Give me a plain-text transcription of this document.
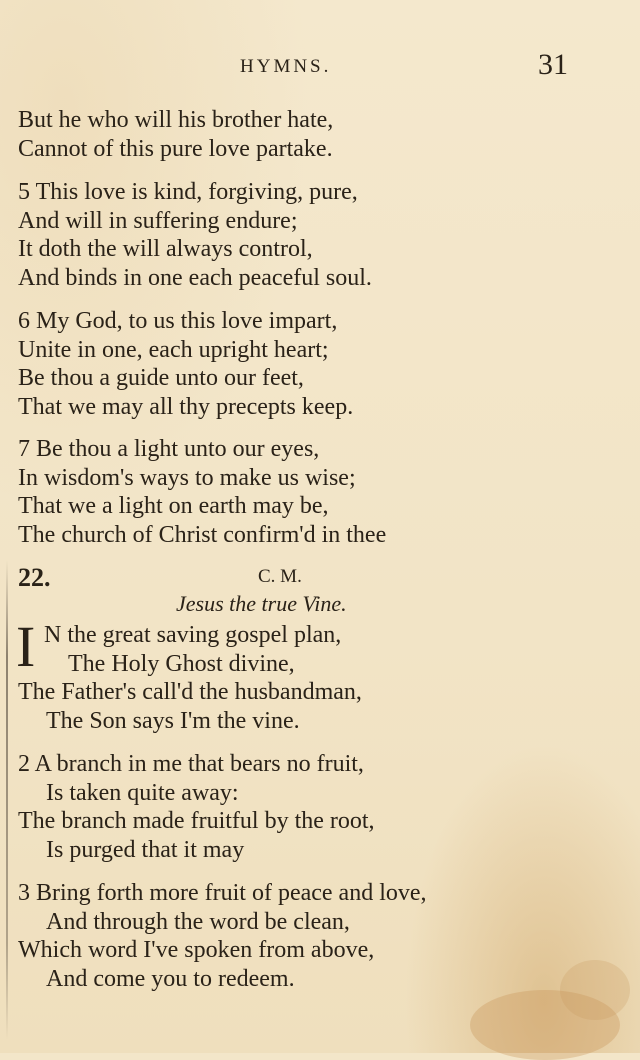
HYMNS.	31
But he who will his brother hate,
Cannot of this pure love partake.
5 This love is kind, forgiving, pure,
And will in suffering endure;
It doth the will always control,
And binds in one each peaceful soul.
6 My God, to us this love impart,
Unite in one, each upright heart;
Be thou a guide unto our feet,
That we may all thy precepts keep.
7 Be thou a light unto our eyes,
In wisdom's ways to make us wise;
That we a light on earth may be,
The church of Christ confirm'd in thee
22.	C. M.
Jesus the true Vine.
I N the great saving gospel plan,
The Holy Ghost divine,
The Father's call'd the husbandman,
The Son says I'm the vine.
2 A branch in me that bears no fruit,
Is taken quite away:
The branch made fruitful by the root,
Is purged that it may
3 Bring forth more fruit of peace and love,
And through the word be clean,
Which word I've spoken from above,
And come you to redeem.
